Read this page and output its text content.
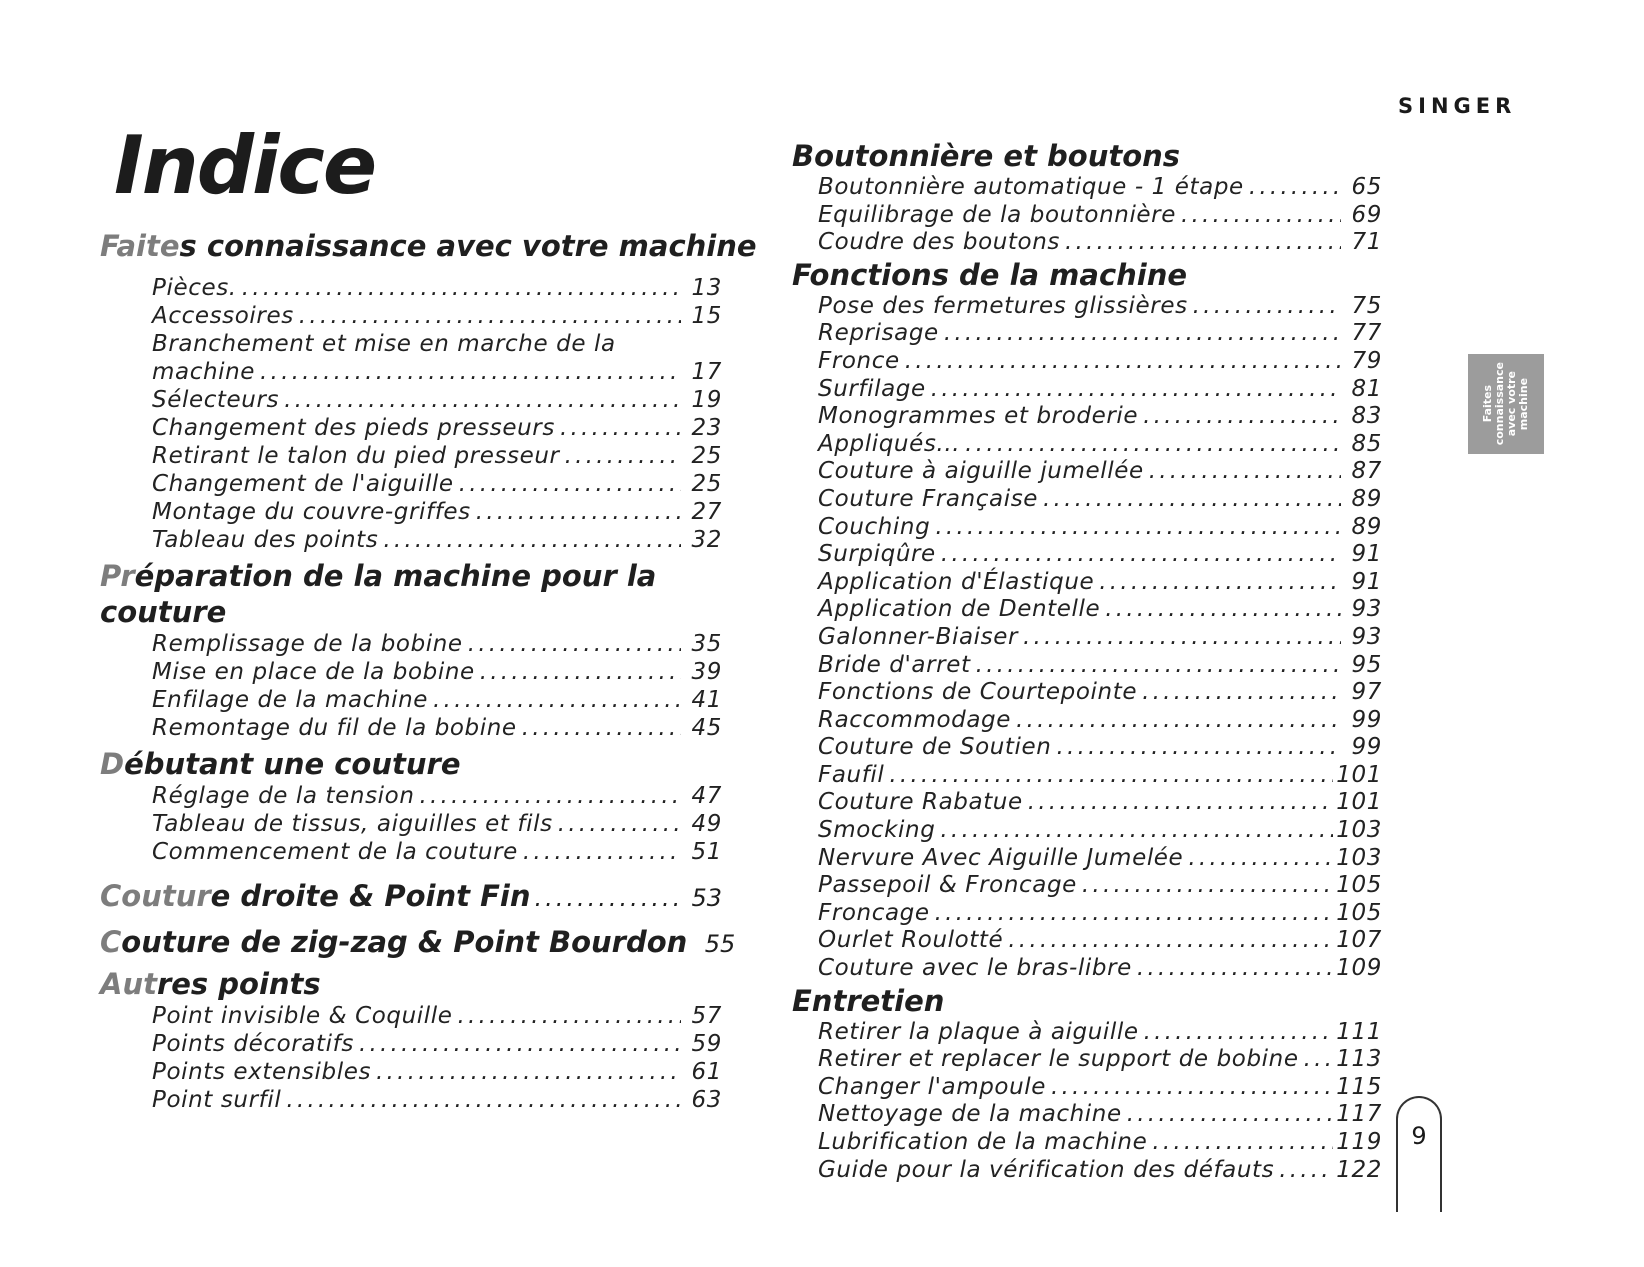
SINGER
Indice
Faites connaissance avec votre machine
Pièces. .....	13
Accessoires .....	15
Branchement et mise en marche de la
machine .....	17
Sélecteurs .....	19
Changement des pieds presseurs .....	23
Retirant le talon du pied presseur .....	25
Changement de l'aiguille .....	25
Montage du couvre-griffes .....	27
Tableau des points .....	32
Préparation de la machine pour la couture
Remplissage de la bobine .....	35
Mise en place de la bobine .....	39
Enfilage de la machine .....	41
Remontage du fil de la bobine .....	45
Débutant une couture
Réglage de la tension .....	47
Tableau de tissus, aiguilles et fils .....	49
Commencement de la couture .....	51
Couture droite & Point Fin .....	53
Couture de zig-zag & Point Bourdon 55
Autres points
Point invisible & Coquille .....	57
Points décoratifs .....	59
Points extensibles .....	61
Point surfil .....	63
Boutonnière et boutons
Boutonnière automatique - 1 étape .....	65
Equilibrage de la boutonnière .....	69
Coudre des boutons .....	71
Fonctions de la machine
Pose des fermetures glissières .....	75
Reprisage .....	77
Fronce .....	79
Surfilage .....	81
Monogrammes et broderie .....	83
Appliqués... .....	85
Couture à aiguille jumellée .....	87
Couture Française .....	89
Couching .....	89
Surpiqûre .....	91
Application d'Élastique .....	91
Application de Dentelle .....	93
Galonner-Biaiser .....	93
Bride d'arret .....	95
Fonctions de Courtepointe .....	97
Raccommodage .....	99
Couture de Soutien .....	99
Faufil .....	101
Couture Rabatue .....	101
Smocking .....	103
Nervure Avec Aiguille Jumelée .....	103
Passepoil & Froncage .....	105
Froncage .....	105
Ourlet Roulotté .....	107
Couture avec le bras-libre .....	109
Entretien
Retirer la plaque à aiguille .....	111
Retirer et replacer le support de bobine ..... 113
Changer l'ampoule .....	115
Nettoyage de la machine .....	117
Lubrification de la machine .....	119
Guide pour la vérification des défauts .....	122
Faites
connaissance
avec votre
machine
9
